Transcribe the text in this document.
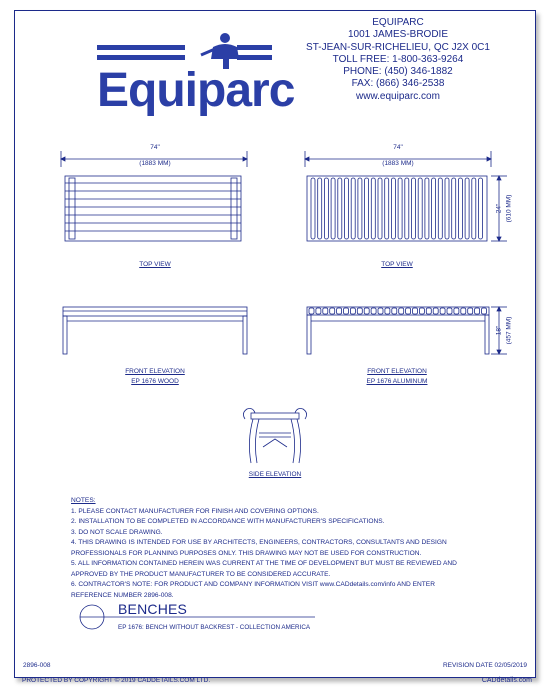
Equiparc
EQUIPARC
1001 JAMES-BRODIE
ST-JEAN-SUR-RICHELIEU, QC J2X 0C1
TOLL FREE: 1-800-363-9264
PHONE: (450) 346-1882
FAX: (866) 346-2538
www.equiparc.com
74"
(1883 MM)
74"
(1883 MM)
24" (610 MM)
18" (457 MM)
TOP VIEW	TOP VIEW
FRONT ELEVATION
EP 1676 WOOD
FRONT ELEVATION
EP 1676 ALUMINUM
SIDE ELEVATION
NOTES:
1. PLEASE CONTACT MANUFACTURER FOR FINISH AND COVERING OPTIONS.
2. INSTALLATION TO BE COMPLETED IN ACCORDANCE WITH MANUFACTURER'S SPECIFICATIONS.
3. DO NOT SCALE DRAWING.
4. THIS DRAWING IS INTENDED FOR USE BY ARCHITECTS, ENGINEERS, CONTRACTORS, CONSULTANTS AND DESIGN
PROFESSIONALS FOR PLANNING PURPOSES ONLY. THIS DRAWING MAY NOT BE USED FOR CONSTRUCTION.
5. ALL INFORMATION CONTAINED HEREIN WAS CURRENT AT THE TIME OF DEVELOPMENT BUT MUST BE REVIEWED AND
APPROVED BY THE PRODUCT MANUFACTURER TO BE CONSIDERED ACCURATE.
6. CONTRACTOR'S NOTE: FOR PRODUCT AND COMPANY INFORMATION VISIT www.CADdetails.com/info AND ENTER
REFERENCE NUMBER 2896-008.
BENCHES
EP 1676: BENCH WITHOUT BACKREST - COLLECTION AMERICA
2896-008	REVISION DATE 02/05/2019
PROTECTED BY COPYRIGHT © 2019 CADDETAILS.COM LTD.	CADdetails.com
